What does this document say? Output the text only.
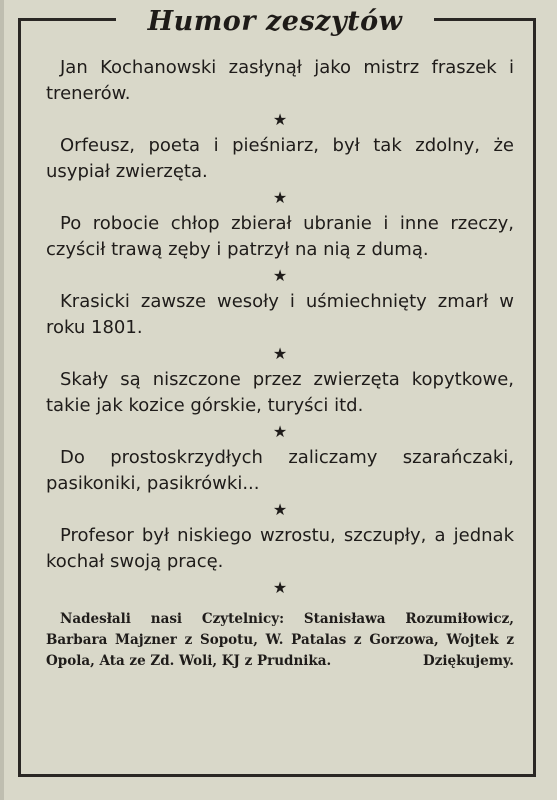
Humor zeszytów

Jan Kochanowski zasłynął jako mistrz fraszek i trenerów.

★

Orfeusz, poeta i pieśniarz, był tak zdolny, że usypiał zwierzęta.

★

Po robocie chłop zbierał ubranie i inne rzeczy, czyścił trawą zęby i patrzył na nią z dumą.

★

Krasicki zawsze wesoły i uśmiechnięty zmarł w roku 1801.

★

Skały są niszczone przez zwierzęta kopytkowe, takie jak kozice górskie, turyści itd.

★

Do prostoskrzydłych zaliczamy szarańczaki, pasikoniki, pasikrówki...

★

Profesor był niskiego wzrostu, szczupły, a jednak kochał swoją pracę.

★

Nadesłali nasi Czytelnicy: Stanisława Rozumiłowicz, Barbara Majzner z Sopotu, W. Patalas z Gorzowa, Wojtek z Opola, Ata ze Zd. Woli, KJ z Prudnika.	Dziękujemy.
